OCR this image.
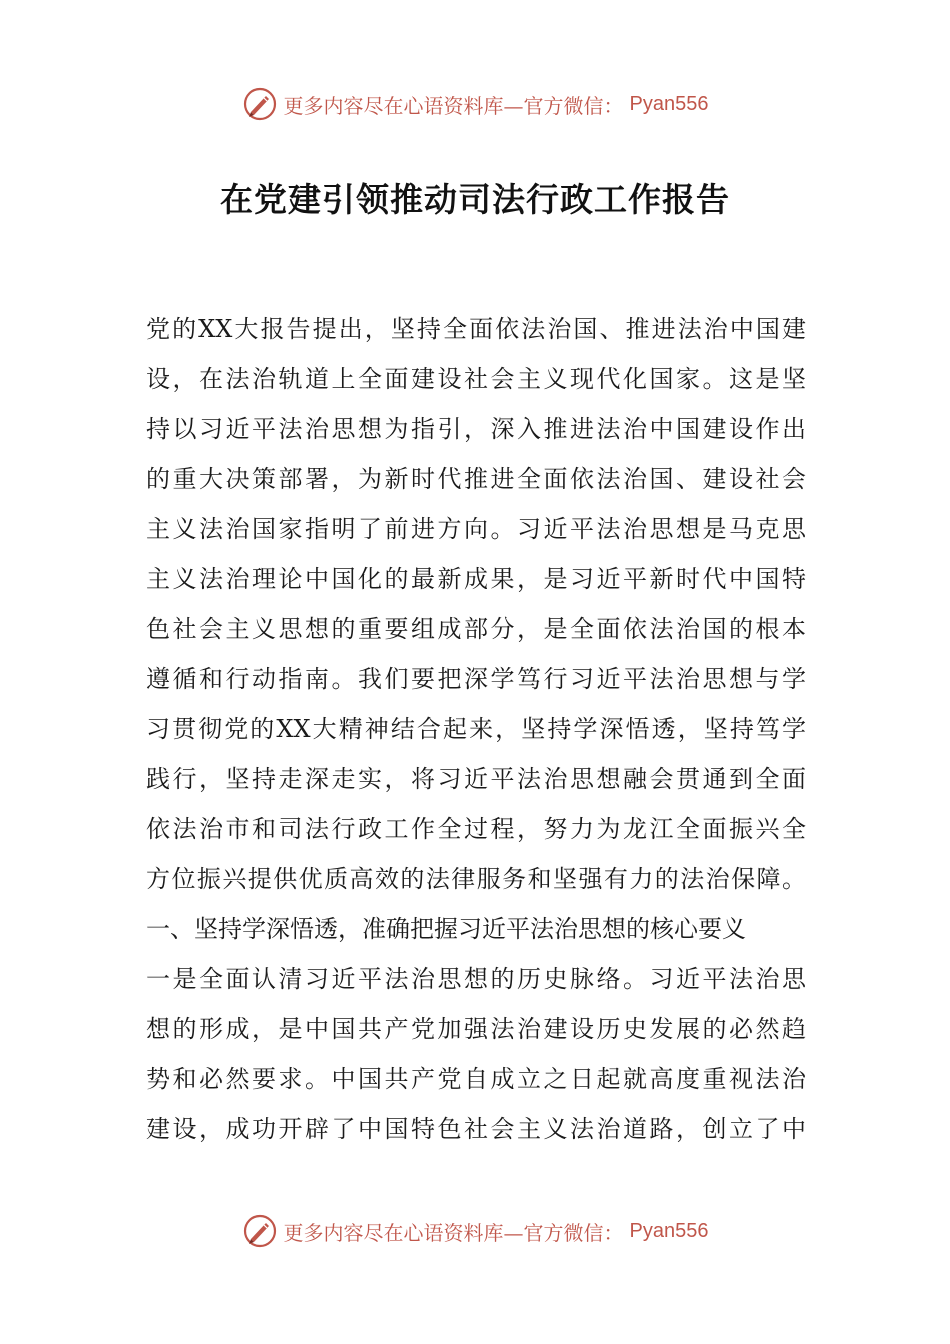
更多内容尽在心语资料库—官方微信： Pyan556
在党建引领推动司法行政工作报告
党的XX大报告提出，坚持全面依法治国、推进法治中国建
设，在法治轨道上全面建设社会主义现代化国家。这是坚
持以习近平法治思想为指引，深入推进法治中国建设作出
的重大决策部署，为新时代推进全面依法治国、建设社会
主义法治国家指明了前进方向。习近平法治思想是马克思
主义法治理论中国化的最新成果，是习近平新时代中国特
色社会主义思想的重要组成部分，是全面依法治国的根本
遵循和行动指南。我们要把深学笃行习近平法治思想与学
习贯彻党的XX大精神结合起来，坚持学深悟透，坚持笃学
践行，坚持走深走实，将习近平法治思想融会贯通到全面
依法治市和司法行政工作全过程，努力为龙江全面振兴全
方位振兴提供优质高效的法律服务和坚强有力的法治保障。
一、坚持学深悟透，准确把握习近平法治思想的核心要义
一是全面认清习近平法治思想的历史脉络。习近平法治思
想的形成，是中国共产党加强法治建设历史发展的必然趋
势和必然要求。中国共产党自成立之日起就高度重视法治
建设，成功开辟了中国特色社会主义法治道路，创立了中
更多内容尽在心语资料库—官方微信： Pyan556
